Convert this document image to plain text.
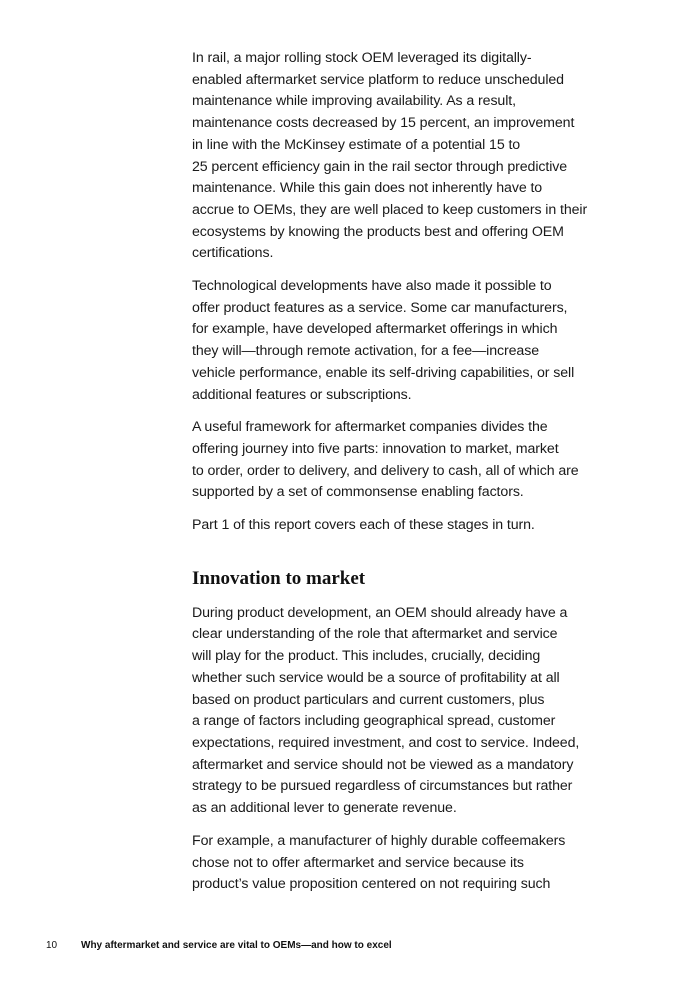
In rail, a major rolling stock OEM leveraged its digitally-
enabled aftermarket service platform to reduce unscheduled
maintenance while improving availability. As a result,
maintenance costs decreased by 15 percent, an improvement
in line with the McKinsey estimate of a potential 15 to
25 percent efficiency gain in the rail sector through predictive
maintenance. While this gain does not inherently have to
accrue to OEMs, they are well placed to keep customers in their
ecosystems by knowing the products best and offering OEM
certifications.

Technological developments have also made it possible to
offer product features as a service. Some car manufacturers,
for example, have developed aftermarket offerings in which
they will—through remote activation, for a fee—increase
vehicle performance, enable its self-driving capabilities, or sell
additional features or subscriptions.

A useful framework for aftermarket companies divides the
offering journey into five parts: innovation to market, market
to order, order to delivery, and delivery to cash, all of which are
supported by a set of commonsense enabling factors.

Part 1 of this report covers each of these stages in turn.

Innovation to market

During product development, an OEM should already have a
clear understanding of the role that aftermarket and service
will play for the product. This includes, crucially, deciding
whether such service would be a source of profitability at all
based on product particulars and current customers, plus
a range of factors including geographical spread, customer
expectations, required investment, and cost to service. Indeed,
aftermarket and service should not be viewed as a mandatory
strategy to be pursued regardless of circumstances but rather
as an additional lever to generate revenue.

For example, a manufacturer of highly durable coffeemakers
chose not to offer aftermarket and service because its
product’s value proposition centered on not requiring such

10 Why aftermarket and service are vital to OEMs—and how to excel
